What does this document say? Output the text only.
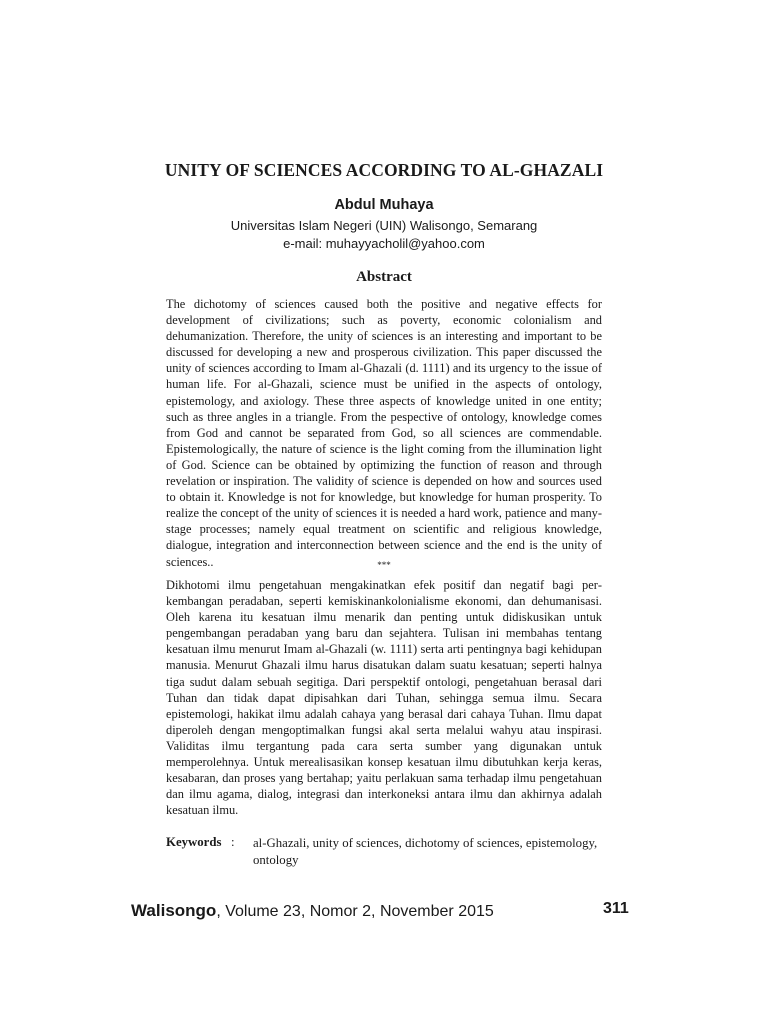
UNITY OF SCIENCES ACCORDING TO AL-GHAZALI
Abdul Muhaya
Universitas Islam Negeri (UIN) Walisongo, Semarang
e-mail: muhayyacholil@yahoo.com
Abstract
The dichotomy of sciences caused both the positive and negative effects for development of civilizations; such as poverty, economic colonialism and dehumanization. Therefore, the unity of sciences is an interesting and important to be discussed for developing a new and prosperous civilization. This paper discussed the unity of sciences according to Imam al-Ghazali (d. 1111) and its urgency to the issue of human life. For al-Ghazali, science must be unified in the aspects of ontology, epistemology, and axiology. These three aspects of knowledge united in one entity; such as three angles in a triangle. From the pespective of ontology, knowledge comes from God and cannot be separated from God, so all sciences are commendable. Epistemologically, the nature of science is the light coming from the illumination light of God. Science can be obtained by optimizing the function of reason and through revelation or inspiration. The validity of science is depended on how and sources used to obtain it. Knowledge is not for knowledge, but knowledge for human prosperity. To realize the concept of the unity of sciences it is needed a hard work, patience and many-stage processes; namely equal treatment on scientific and religious knowledge, dialogue, integration and interconnection between science and the end is the unity of sciences..	***
Dikhotomi ilmu pengetahuan mengakinatkan efek positif dan negatif bagi perkembangan peradaban, seperti kemiskinankolonialisme ekonomi, dan dehumanisasi. Oleh karena itu kesatuan ilmu menarik dan penting untuk didiskusikan untuk pengembangan peradaban yang baru dan sejahtera. Tulisan ini membahas tentang kesatuan ilmu menurut Imam al-Ghazali (w. 1111) serta arti pentingnya bagi kehidupan manusia. Menurut Ghazali ilmu harus disatukan dalam suatu kesatuan; seperti halnya tiga sudut dalam sebuah segitiga. Dari perspektif ontologi, pengetahuan berasal dari Tuhan dan tidak dapat dipisahkan dari Tuhan, sehingga semua ilmu. Secara epistemologi, hakikat ilmu adalah cahaya yang berasal dari cahaya Tuhan. Ilmu dapat diperoleh dengan mengoptimalkan fungsi akal serta melalui wahyu atau inspirasi. Validitas ilmu tergantung pada cara serta sumber yang digunakan untuk memperolehnya. Untuk merealisasikan konsep kesatuan ilmu dibutuhkan kerja keras, kesabaran, dan proses yang bertahap; yaitu perlakuan sama terhadap ilmu pengetahuan dan ilmu agama, dialog, integrasi dan interkoneksi antara ilmu dan akhirnya adalah kesatuan ilmu.
Keywords : al-Ghazali, unity of sciences, dichotomy of sciences, epistemology, ontology
Walisongo, Volume 23, Nomor 2, November 2015	311
